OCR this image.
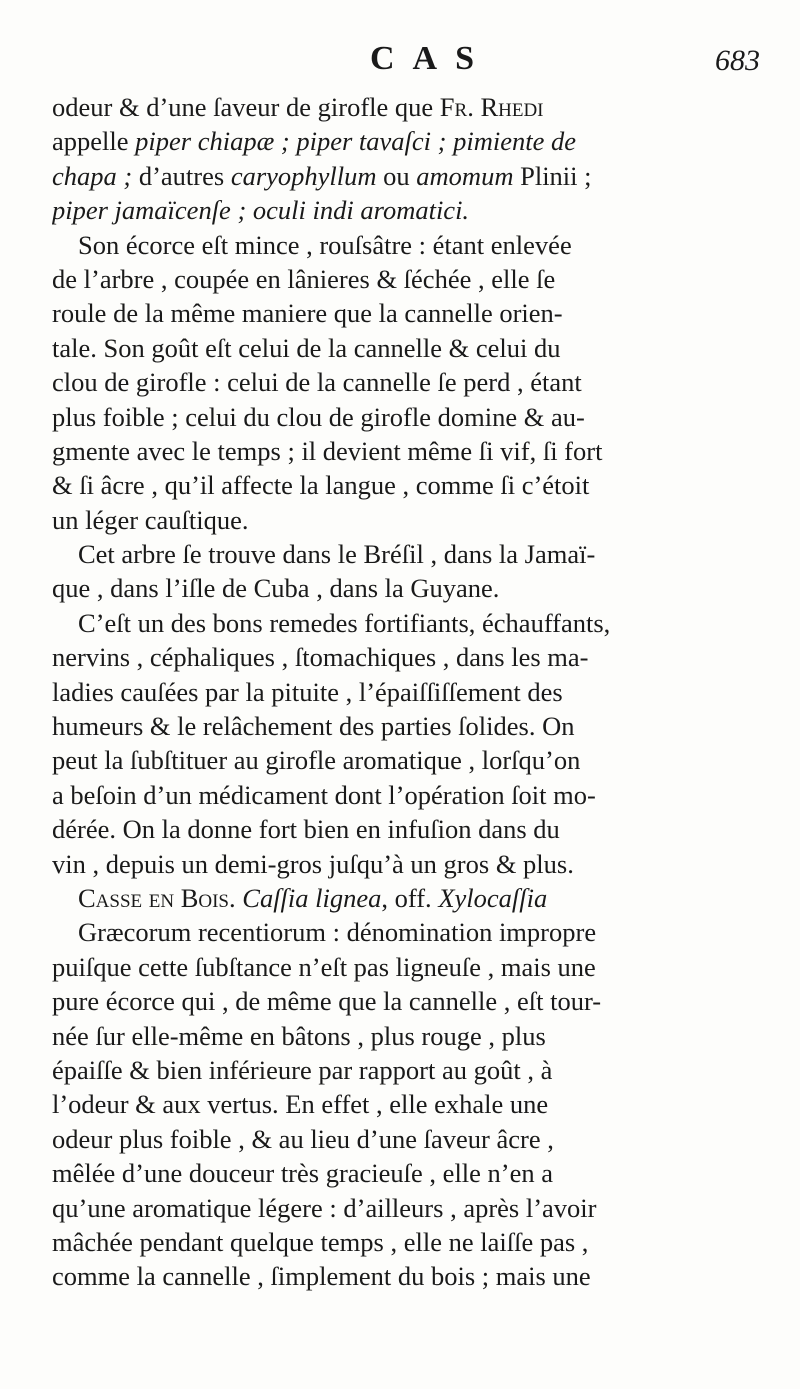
CAS	683
odeur & d’une ſaveur de girofle que Fr. Rhedi
appelle piper chiapæ ; piper tavaſci ; pimiente de
chapa ; d’autres caryophyllum ou amomum Plinii ;
piper jamaïcenſe ; oculi indi aromatici.
Son écorce eſt mince , rouſsâtre : étant enlevée
de l’arbre , coupée en lânieres & ſéchée , elle ſe
roule de la même maniere que la cannelle orien-
tale. Son goût eſt celui de la cannelle & celui du
clou de girofle : celui de la cannelle ſe perd , étant
plus foible ; celui du clou de girofle domine & au-
gmente avec le temps ; il devient même ſi vif, ſi fort
& ſi âcre , qu’il affecte la langue , comme ſi c’étoit
un léger cauſtique.
Cet arbre ſe trouve dans le Bréſil , dans la Jamaï-
que , dans l’iſle de Cuba , dans la Guyane.
C’eſt un des bons remedes fortifiants, échauffants,
nervins , céphaliques , ſtomachiques , dans les ma-
ladies cauſées par la pituite , l’épaiſſiſſement des
humeurs & le relâchement des parties ſolides. On
peut la ſubſtituer au girofle aromatique , lorſqu’on
a beſoin d’un médicament dont l’opération ſoit mo-
dérée. On la donne fort bien en infuſion dans du
vin , depuis un demi-gros juſqu’à un gros & plus.
Casse en Bois. Caſſia lignea, off. Xylocaſſia
Græcorum recentiorum : dénomination impropre
puiſque cette ſubſtance n’eſt pas ligneuſe , mais une
pure écorce qui , de même que la cannelle , eſt tour-
née ſur elle-même en bâtons , plus rouge , plus
épaiſſe & bien inférieure par rapport au goût , à
l’odeur & aux vertus. En effet , elle exhale une
odeur plus foible , & au lieu d’une ſaveur âcre ,
mêlée d’une douceur très gracieuſe , elle n’en a
qu’une aromatique légere : d’ailleurs , après l’avoir
mâchée pendant quelque temps , elle ne laiſſe pas ,
comme la cannelle , ſimplement du bois ; mais une
